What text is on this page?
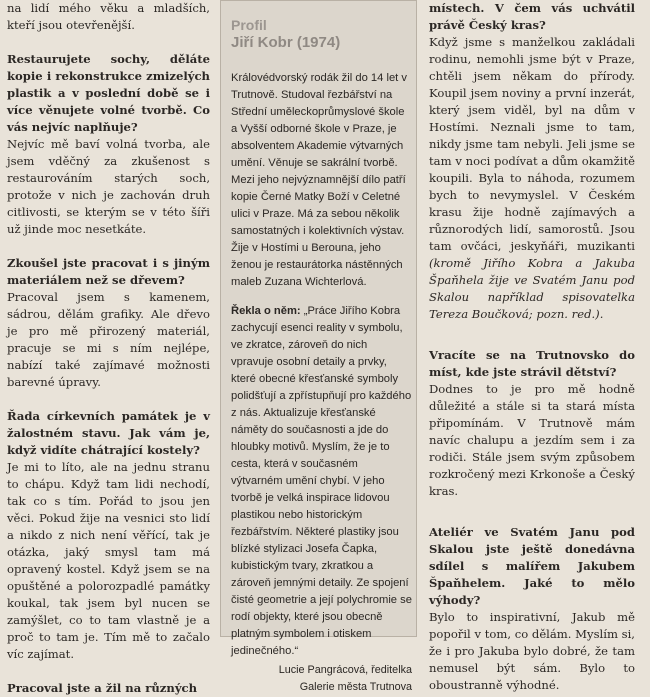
na lidí mého věku a mladších, kteří jsou otevřenější.

Restaurujete sochy, děláte kopie i rekonstrukce zmizelých plastik a v poslední době se i více věnujete volné tvorbě. Co vás nejvíc naplňuje?

Nejvíc mě baví volná tvorba, ale jsem vděčný za zkušenost s restaurováním starých soch, protože v nich je zachován druh citlivosti, se kterým se v této šíři už jinde moc nesetkáte.

Zkoušel jste pracovat i s jiným materiálem než se dřevem?

Pracoval jsem s kamenem, sádrou, dělám grafiky. Ale dřevo je pro mě přirozený materiál, pracuje se mi s ním nejlépe, nabízí také zajímavé možnosti barevné úpravy.

Řada církevních památek je v žalostném stavu. Jak vám je, když vidíte chátrající kostely?

Je mi to líto, ale na jednu stranu to chápu. Když tam lidi nechodí, tak co s tím. Pořád to jsou jen věci. Pokud žije na vesnici sto lidí a nikdo z nich není věřící, tak je otázka, jaký smysl tam má opravený kostel. Když jsem se na opuštěné a polorozpadlé památky koukal, tak jsem byl nucen se zamýšlet, co to tam vlastně je a proč to tam je. Tím mě to začalo víc zajímat.

Pracoval jste a žil na různých

Profil
Jiří Kobr (1974)

Královédvorský rodák žil do 14 let v Trutnově. Studoval řezbářství na Střední uměleckoprůmyslové škole a Vyšší odborné škole v Praze, je absolventem Akademie výtvarných umění. Věnuje se sakrální tvorbě. Mezi jeho nejvýznamnější dílo patří kopie Černé Matky Boží v Celetné ulici v Praze. Má za sebou několik samostatných i kolektivních výstav. Žije v Hostími u Berouna, jeho ženou je restaurátorka nástěnných maleb Zuzana Wichterlová.

Řekla o něm: „Práce Jiřího Kobra zachycují esenci reality v symbolu, ve zkratce, zároveň do nich vpravuje osobní detaily a prvky, které obecné křesťanské symboly polidšťují a zpřístupňují pro každého z nás. Aktualizuje křesťanské náměty do současnosti a jde do hloubky motivů. Myslím, že je to cesta, která v současném výtvarném umění chybí. V jeho tvorbě je velká inspirace lidovou plastikou nebo historickým řezbářstvím. Některé plastiky jsou blízké stylizaci Josefa Čapka, kubistickým tvary, zkratkou a zároveň jemnými detaily. Ze spojení čisté geometrie a její polychromie se rodí objekty, které jsou obecně platným symbolem i otiskem jedinečného.“

Lucie Pangrácová, ředitelka
Galerie města Trutnova

místech. V čem vás uchvátil právě Český kras?

Když jsme s manželkou zakládali rodinu, nemohli jsme být v Praze, chtěli jsem někam do přírody. Koupil jsem noviny a první inzerát, který jsem viděl, byl na dům v Hostími. Neznali jsme to tam, nikdy jsme tam nebyli. Jeli jsme se tam v noci podívat a dům okamžitě koupili. Byla to náhoda, rozumem bych to nevymyslel. V Českém krasu žije hodně zajímavých a různorodých lidí, samorostů. Jsou tam ovčáci, jeskyňáři, muzikanti (kromě Jiřího Kobra a Jakuba Špaňhela žije ve Svatém Janu pod Skalou například spisovatelka Tereza Boučková; pozn. red.).

Vracíte se na Trutnovsko do míst, kde jste strávil dětství?

Dodnes to je pro mě hodně důležité a stále si ta stará místa připomínám. V Trutnově mám navíc chalupu a jezdím sem i za rodiči. Stále jsem svým způsobem rozkročený mezi Krkonoše a Český kras.

Ateliér ve Svatém Janu pod Skalou jste ještě donedávna sdílel s malířem Jakubem Špaňhelem. Jaké to mělo výhody?

Bylo to inspirativní, Jakub mě popořil v tom, co dělám. Myslím si, že i pro Jakuba bylo dobré, že tam nemusel být sám. Bylo to oboustranně výhodné.
